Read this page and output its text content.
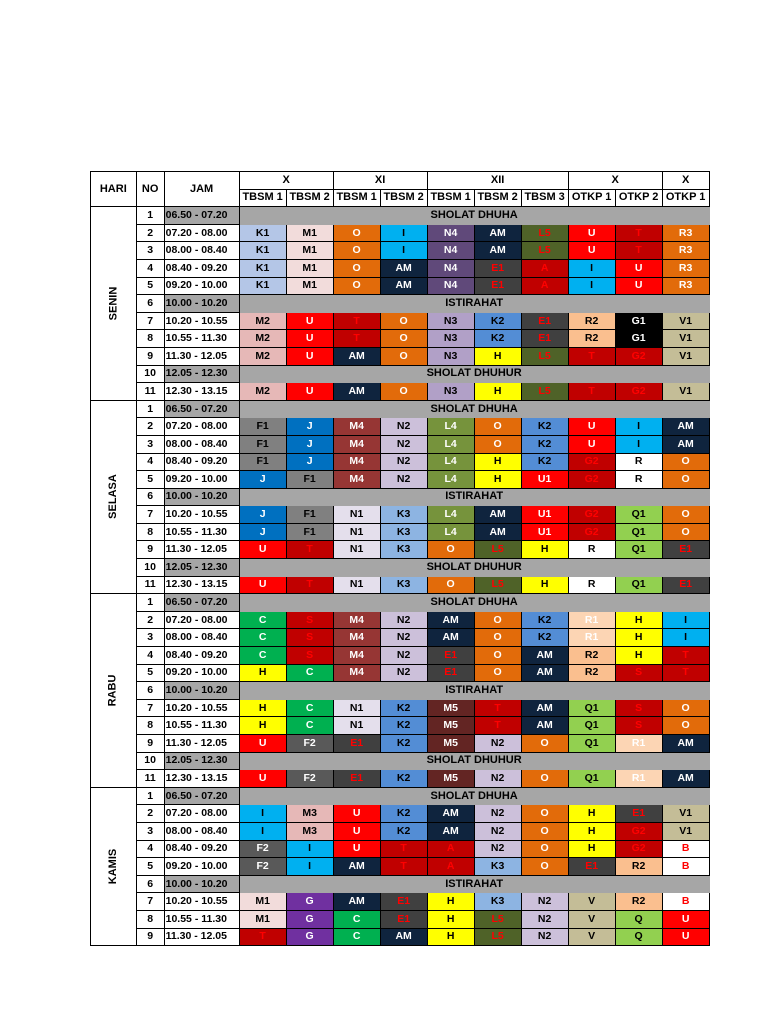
HARI	NO	JAM	X		XI		XII			X		X
			TBSM 1	TBSM 2	TBSM 1	TBSM 2	TBSM 1	TBSM 2	TBSM 3	OTKP 1	OTKP 2	OTKP 1
SENIN	1	06.50 - 07.20	SHOLAT DHUHA									
	2	07.20 - 08.00	K1	M1	O	I	N4	AM	L5	U	T	R3
	3	08.00 - 08.40	K1	M1	O	I	N4	AM	L5	U	T	R3
	4	08.40 - 09.20	K1	M1	O	AM	N4	E1	A	I	U	R3
	5	09.20 - 10.00	K1	M1	O	AM	N4	E1	A	I	U	R3
	6	10.00 - 10.20	ISTIRAHAT									
	7	10.20 - 10.55	M2	U	T	O	N3	K2	E1	R2	G1	V1
	8	10.55 - 11.30	M2	U	T	O	N3	K2	E1	R2	G1	V1
	9	11.30 - 12.05	M2	U	AM	O	N3	H	L5	T	G2	V1
	10	12.05 - 12.30	SHOLAT DHUHUR									
	11	12.30 - 13.15	M2	U	AM	O	N3	H	L5	T	G2	V1
SELASA	1	06.50 - 07.20	SHOLAT DHUHA									
	2	07.20 - 08.00	F1	J	M4	N2	L4	O	K2	U	I	AM
	3	08.00 - 08.40	F1	J	M4	N2	L4	O	K2	U	I	AM
	4	08.40 - 09.20	F1	J	M4	N2	L4	H	K2	G2	R	O
	5	09.20 - 10.00	J	F1	M4	N2	L4	H	U1	G2	R	O
	6	10.00 - 10.20	ISTIRAHAT									
	7	10.20 - 10.55	J	F1	N1	K3	L4	AM	U1	G2	Q1	O
	8	10.55 - 11.30	J	F1	N1	K3	L4	AM	U1	G2	Q1	O
	9	11.30 - 12.05	U	T	N1	K3	O	L5	H	R	Q1	E1
	10	12.05 - 12.30	SHOLAT DHUHUR									
	11	12.30 - 13.15	U	T	N1	K3	O	L5	H	R	Q1	E1
RABU	1	06.50 - 07.20	SHOLAT DHUHA									
	2	07.20 - 08.00	C	S	M4	N2	AM	O	K2	R1	H	I
	3	08.00 - 08.40	C	S	M4	N2	AM	O	K2	R1	H	I
	4	08.40 - 09.20	C	S	M4	N2	E1	O	AM	R2	H	T
	5	09.20 - 10.00	H	C	M4	N2	E1	O	AM	R2	S	T
	6	10.00 - 10.20	ISTIRAHAT									
	7	10.20 - 10.55	H	C	N1	K2	M5	T	AM	Q1	S	O
	8	10.55 - 11.30	H	C	N1	K2	M5	T	AM	Q1	S	O
	9	11.30 - 12.05	U	F2	E1	K2	M5	N2	O	Q1	R1	AM
	10	12.05 - 12.30	SHOLAT DHUHUR									
	11	12.30 - 13.15	U	F2	E1	K2	M5	N2	O	Q1	R1	AM
KAMIS	1	06.50 - 07.20	SHOLAT DHUHA									
	2	07.20 - 08.00	I	M3	U	K2	AM	N2	O	H	E1	V1
	3	08.00 - 08.40	I	M3	U	K2	AM	N2	O	H	G2	V1
	4	08.40 - 09.20	F2	I	U	T	A	N2	O	H	G2	B
	5	09.20 - 10.00	F2	I	AM	T	A	K3	O	E1	R2	B
	6	10.00 - 10.20	ISTIRAHAT									
	7	10.20 - 10.55	M1	G	AM	E1	H	K3	N2	V	R2	B
	8	10.55 - 11.30	M1	G	C	E1	H	L5	N2	V	Q	U
	9	11.30 - 12.05	T	G	C	AM	H	L5	N2	V	Q	U
